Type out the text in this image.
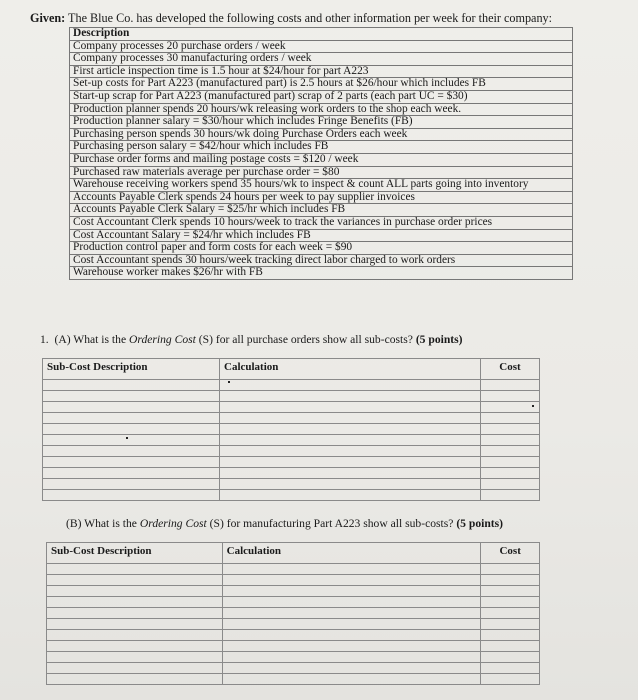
Given: The Blue Co. has developed the following costs and other information per week for their company:
Description
Company processes 20 purchase orders / week
Company processes 30 manufacturing orders / week
First article inspection time is 1.5 hour at $24/hour for part A223
Set-up costs for Part A223 (manufactured part) is 2.5 hours at $26/hour which includes FB
Start-up scrap for Part A223 (manufactured part) scrap of 2 parts (each part UC = $30)
Production planner spends 20 hours/wk releasing work orders to the shop each week.
Production planner salary = $30/hour which includes Fringe Benefits (FB)
Purchasing person spends 30 hours/wk doing Purchase Orders each week
Purchasing person salary = $42/hour which includes FB
Purchase order forms and mailing postage costs = $120 / week
Purchased raw materials average per purchase order = $80
Warehouse receiving workers spend 35 hours/wk to inspect & count ALL parts going into inventory
Accounts Payable Clerk spends 24 hours per week to pay supplier invoices
Accounts Payable Clerk Salary = $25/hr which includes FB
Cost Accountant Clerk spends 10 hours/week to track the variances in purchase order prices
Cost Accountant Salary = $24/hr which includes FB
Production control paper and form costs for each week = $90
Cost Accountant spends 30 hours/week tracking direct labor charged to work orders
Warehouse worker makes $26/hr with FB
1. (A) What is the Ordering Cost (S) for all purchase orders show all sub-costs? (5 points)
Sub-Cost Description	Calculation	Cost

(B) What is the Ordering Cost (S) for manufacturing Part A223 show all sub-costs? (5 points)
Sub-Cost Description	Calculation	Cost
